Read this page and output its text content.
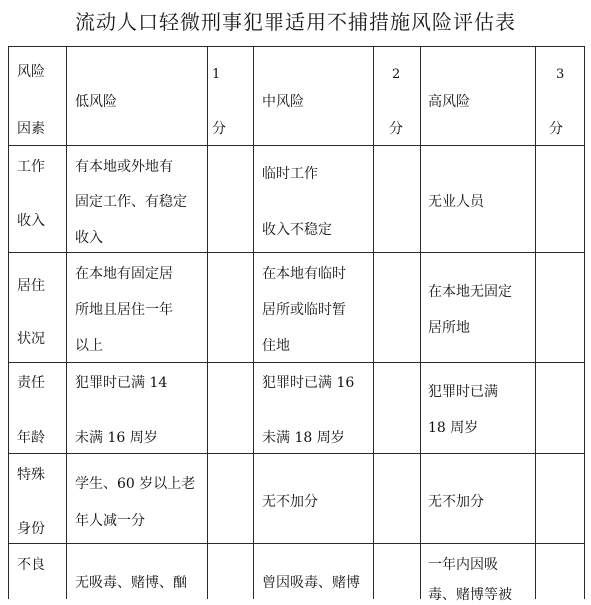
流动人口轻微刑事犯罪适用不捕措施风险评估表
风险
因素
低风险
1
分
中风险
2
分
高风险
3
分
工作
收入
有本地或外地有
固定工作、有稳定
收入
临时工作
收入不稳定
无业人员
居住
状况
在本地有固定居
所地且居住一年
以上
在本地有临时
居所或临时暂
住地
在本地无固定
居所地
责任
年龄
犯罪时已满 14
未满 16 周岁
犯罪时已满 16
未满 18 周岁
犯罪时已满
18 周岁
特殊
身份
学生、60 岁以上老
年人减一分
无不加分	无不加分
不良
无吸毒、赌博、酗	曾因吸毒、赌博
一年内因吸
毒、赌博等被
